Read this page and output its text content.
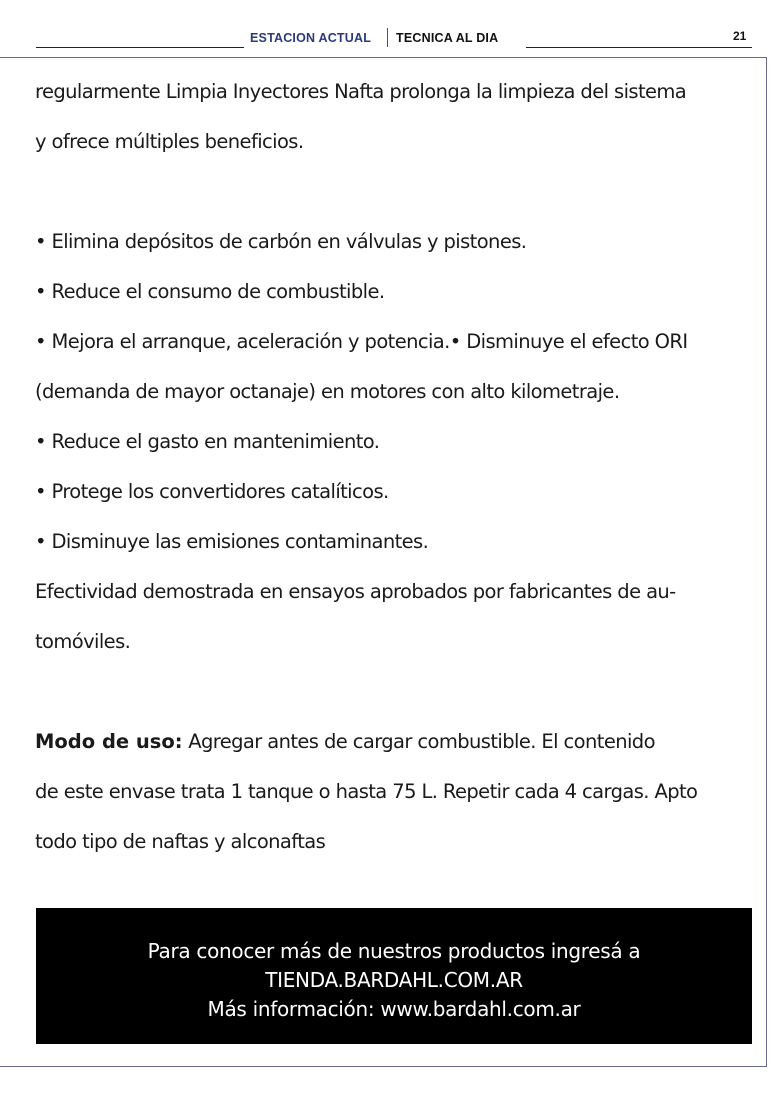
ESTACION ACTUAL TECNICA AL DIA	21

regularmente Limpia Inyectores Nafta prolonga la limpieza del sistema

y ofrece múltiples beneficios.

• Elimina depósitos de carbón en válvulas y pistones.

• Reduce el consumo de combustible.

• Mejora el arranque, aceleración y potencia.• Disminuye el efecto ORI

(demanda de mayor octanaje) en motores con alto kilometraje.

• Reduce el gasto en mantenimiento.

• Protege los convertidores catalíticos.

• Disminuye las emisiones contaminantes.

Efectividad demostrada en ensayos aprobados por fabricantes de au-

tomóviles.

Modo de uso: Agregar antes de cargar combustible. El contenido

de este envase trata 1 tanque o hasta 75 L. Repetir cada 4 cargas. Apto

todo tipo de naftas y alconaftas

Para conocer más de nuestros productos ingresá a
TIENDA.BARDAHL.COM.AR
Más información: www.bardahl.com.ar
